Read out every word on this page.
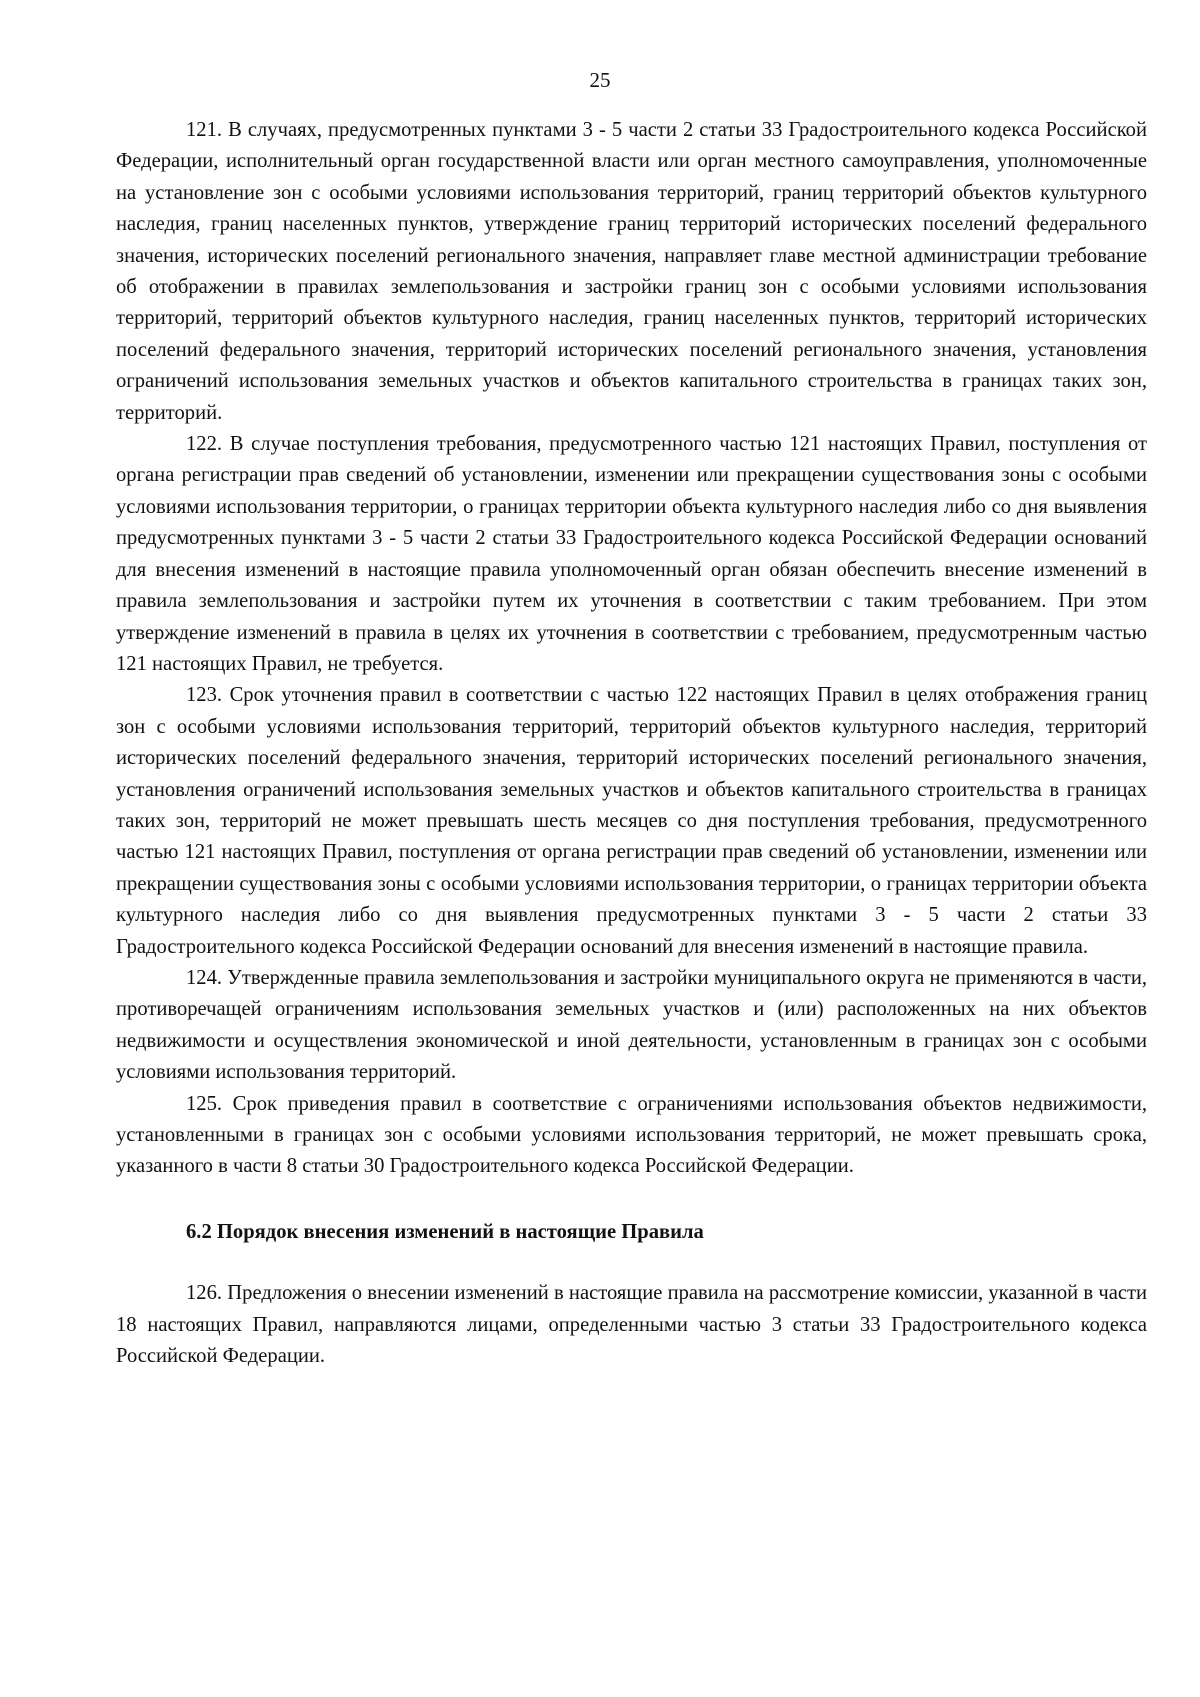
25

121. В случаях, предусмотренных пунктами 3 - 5 части 2 статьи 33 Градостроительного кодекса Российской Федерации, исполнительный орган государственной власти или орган местного самоуправления, уполномоченные на установление зон с особыми условиями использования территорий, границ территорий объектов культурного наследия, границ населенных пунктов, утверждение границ территорий исторических поселений федерального значения, исторических поселений регионального значения, направляет главе местной администрации требование об отображении в правилах землепользования и застройки границ зон с особыми условиями использования территорий, территорий объектов культурного наследия, границ населенных пунктов, территорий исторических поселений федерального значения, территорий исторических поселений регионального значения, установления ограничений использования земельных участков и объектов капитального строительства в границах таких зон, территорий.

122. В случае поступления требования, предусмотренного частью 121 настоящих Правил, поступления от органа регистрации прав сведений об установлении, изменении или прекращении существования зоны с особыми условиями использования территории, о границах территории объекта культурного наследия либо со дня выявления предусмотренных пунктами 3 - 5 части 2 статьи 33 Градостроительного кодекса Российской Федерации оснований для внесения изменений в настоящие правила уполномоченный орган обязан обеспечить внесение изменений в правила землепользования и застройки путем их уточнения в соответствии с таким требованием. При этом утверждение изменений в правила в целях их уточнения в соответствии с требованием, предусмотренным частью 121 настоящих Правил, не требуется.

123. Срок уточнения правил в соответствии с частью 122 настоящих Правил в целях отображения границ зон с особыми условиями использования территорий, территорий объектов культурного наследия, территорий исторических поселений федерального значения, территорий исторических поселений регионального значения, установления ограничений использования земельных участков и объектов капитального строительства в границах таких зон, территорий не может превышать шесть месяцев со дня поступления требования, предусмотренного частью 121 настоящих Правил, поступления от органа регистрации прав сведений об установлении, изменении или прекращении существования зоны с особыми условиями использования территории, о границах территории объекта культурного наследия либо со дня выявления предусмотренных пунктами 3 - 5 части 2 статьи 33 Градостроительного кодекса Российской Федерации оснований для внесения изменений в настоящие правила.

124. Утвержденные правила землепользования и застройки муниципального округа не применяются в части, противоречащей ограничениям использования земельных участков и (или) расположенных на них объектов недвижимости и осуществления экономической и иной деятельности, установленным в границах зон с особыми условиями использования территорий.

125. Срок приведения правил в соответствие с ограничениями использования объектов недвижимости, установленными в границах зон с особыми условиями использования территорий, не может превышать срока, указанного в части 8 статьи 30 Градостроительного кодекса Российской Федерации.

6.2 Порядок внесения изменений в настоящие Правила

126. Предложения о внесении изменений в настоящие правила на рассмотрение комиссии, указанной в части 18 настоящих Правил, направляются лицами, определенными частью 3 статьи 33 Градостроительного кодекса Российской Федерации.
